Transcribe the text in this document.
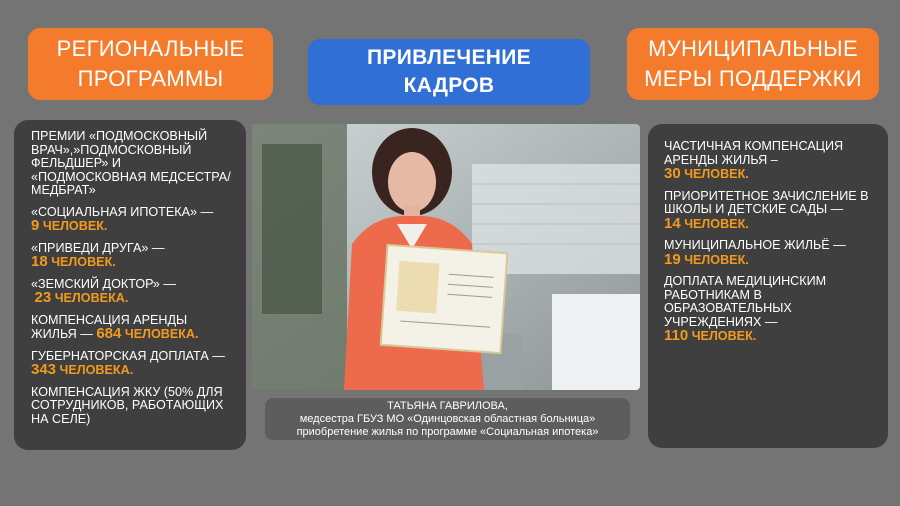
РЕГИОНАЛЬНЫЕ
ПРОГРАММЫ
ПРИВЛЕЧЕНИЕ
КАДРОВ
МУНИЦИПАЛЬНЫЕ
МЕРЫ ПОДДЕРЖКИ
ПРЕМИИ «ПОДМОСКОВНЫЙ ВРАЧ»,»ПОДМОСКОВНЫЙ ФЕЛЬДШЕР» И «ПОДМОСКОВНАЯ МЕДСЕСТРА/МЕДБРАТ»
«СОЦИАЛЬНАЯ ИПОТЕКА» —
9 ЧЕЛОВЕК.
«ПРИВЕДИ ДРУГА» —
18 ЧЕЛОВЕК.
«ЗЕМСКИЙ ДОКТОР» —
23 ЧЕЛОВЕКА.
КОМПЕНСАЦИЯ АРЕНДЫ ЖИЛЬЯ — 684 ЧЕЛОВЕКА.
ГУБЕРНАТОРСКАЯ ДОПЛАТА — 343 ЧЕЛОВЕКА.
КОМПЕНСАЦИЯ ЖКУ (50% ДЛЯ СОТРУДНИКОВ, РАБОТАЮЩИХ НА СЕЛЕ)
ТАТЬЯНА ГАВРИЛОВА,
медсестра ГБУЗ МО «Одинцовская областная больница»
приобретение жилья по программе «Социальная ипотека»
ЧАСТИЧНАЯ КОМПЕНСАЦИЯ АРЕНДЫ ЖИЛЬЯ –
30 ЧЕЛОВЕК.
ПРИОРИТЕТНОЕ ЗАЧИСЛЕНИЕ В ШКОЛЫ И ДЕТСКИЕ САДЫ —
14 ЧЕЛОВЕК.
МУНИЦИПАЛЬНОЕ ЖИЛЬЁ —
19 ЧЕЛОВЕК.
ДОПЛАТА МЕДИЦИНСКИМ РАБОТНИКАМ В ОБРАЗОВАТЕЛЬНЫХ УЧРЕЖДЕНИЯХ —
110 ЧЕЛОВЕК.
